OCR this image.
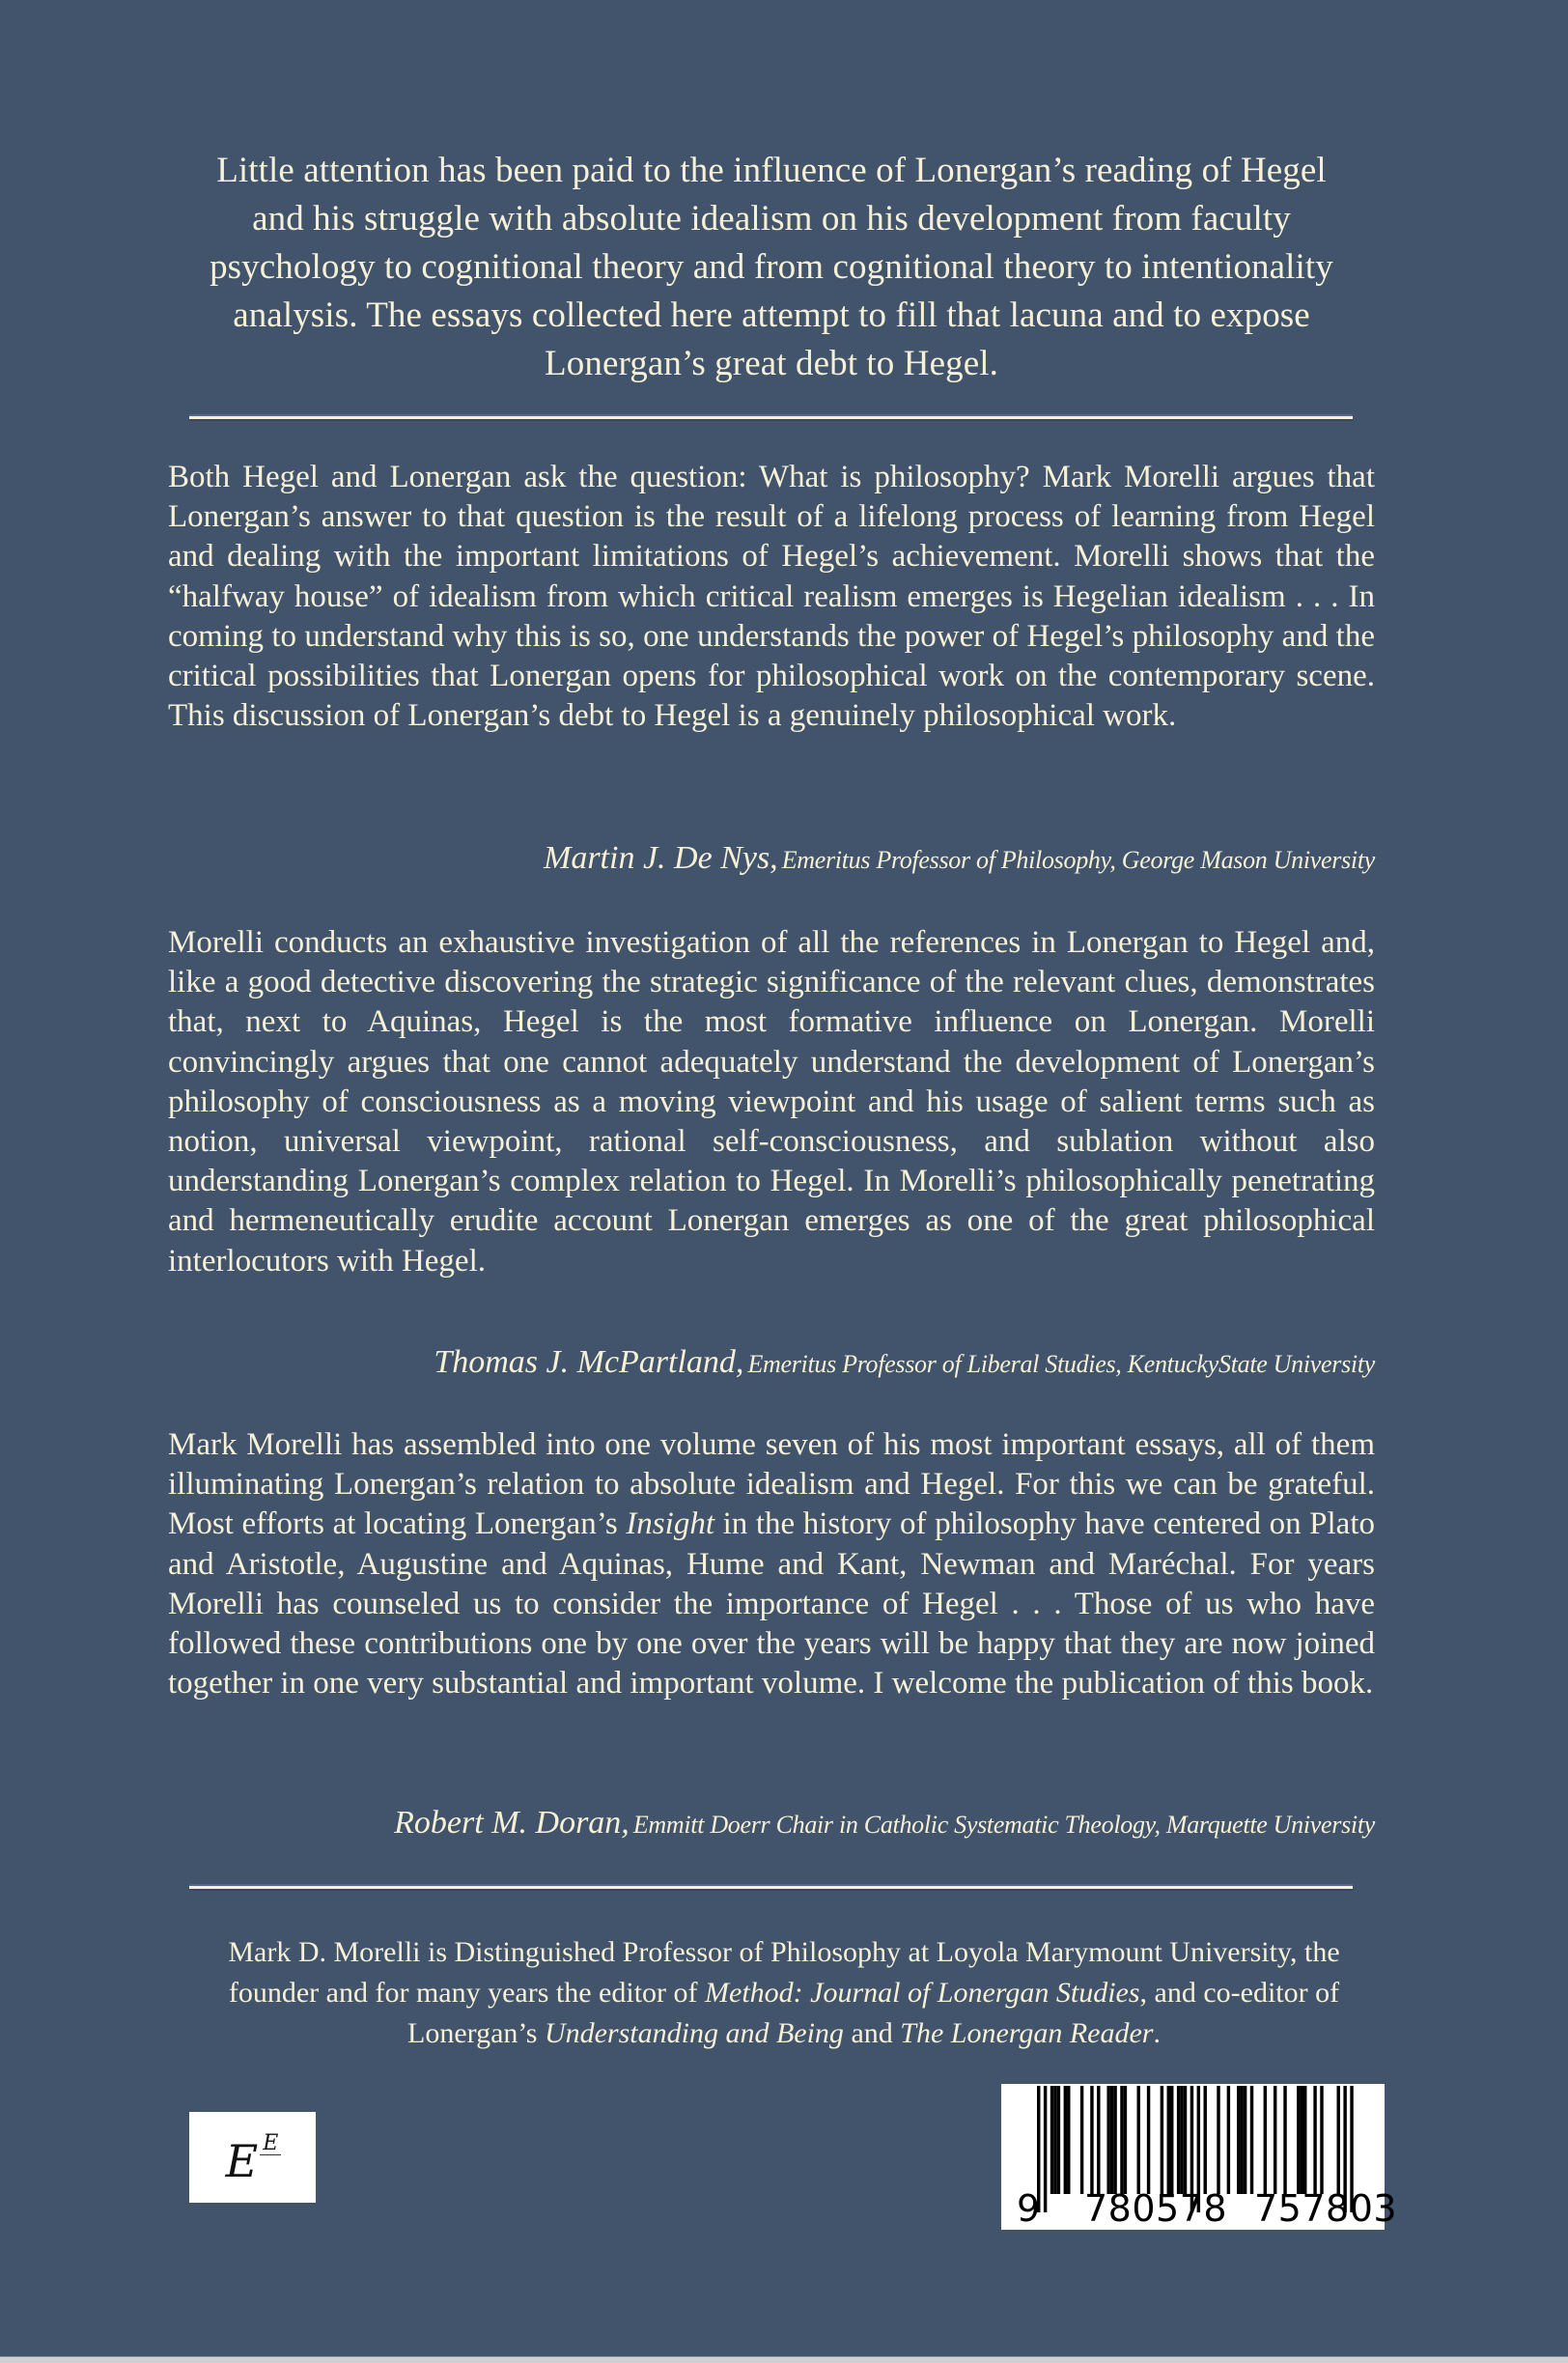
Little attention has been paid to the influence of Lonergan’s reading of Hegel and his struggle with absolute idealism on his development from faculty psychology to cognitional theory and from cognitional theory to intentionality analysis. The essays collected here attempt to fill that lacuna and to expose Lonergan’s great debt to Hegel.

Both Hegel and Lonergan ask the question: What is philosophy? Mark Morelli argues that Lonergan’s answer to that question is the result of a lifelong process of learning from Hegel and dealing with the important limitations of Hegel’s achievement. Morelli shows that the “halfway house” of idealism from which critical realism emerges is Hegelian idealism . . . In coming to understand why this is so, one understands the power of Hegel’s philosophy and the critical possibilities that Lonergan opens for philosophical work on the contemporary scene. This discussion of Lonergan’s debt to Hegel is a genuinely philosophical work.

Martin J. De Nys, Emeritus Professor of Philosophy, George Mason University

Morelli conducts an exhaustive investigation of all the references in Lonergan to Hegel and, like a good detective discovering the strategic significance of the relevant clues, demonstrates that, next to Aquinas, Hegel is the most formative influence on Lonergan. Morelli convincingly argues that one cannot adequately understand the development of Lonergan’s philosophy of consciousness as a moving viewpoint and his usage of salient terms such as notion, universal viewpoint, rational self-consciousness, and sublation without also understanding Lonergan’s complex relation to Hegel. In Morelli’s philosophically penetrating and hermeneutically erudite account Lonergan emerges as one of the great philosophical interlocutors with Hegel.

Thomas J. McPartland, Emeritus Professor of Liberal Studies, KentuckyState University

Mark Morelli has assembled into one volume seven of his most important essays, all of them illuminating Lonergan’s relation to absolute idealism and Hegel. For this we can be grateful. Most efforts at locating Lonergan’s Insight in the history of philosophy have centered on Plato and Aristotle, Augustine and Aquinas, Hume and Kant, Newman and Maréchal. For years Morelli has counseled us to consider the importance of Hegel . . . Those of us who have followed these contributions one by one over the years will be happy that they are now joined together in one very substantial and important volume. I welcome the publication of this book.

Robert M. Doran, Emmitt Doerr Chair in Catholic Systematic Theology, Marquette University

Mark D. Morelli is Distinguished Professor of Philosophy at Loyola Marymount University, the founder and for many years the editor of Method: Journal of Lonergan Studies, and co-editor of Lonergan’s Understanding and Being and The Lonergan Reader.

E E
9 780578 757803
